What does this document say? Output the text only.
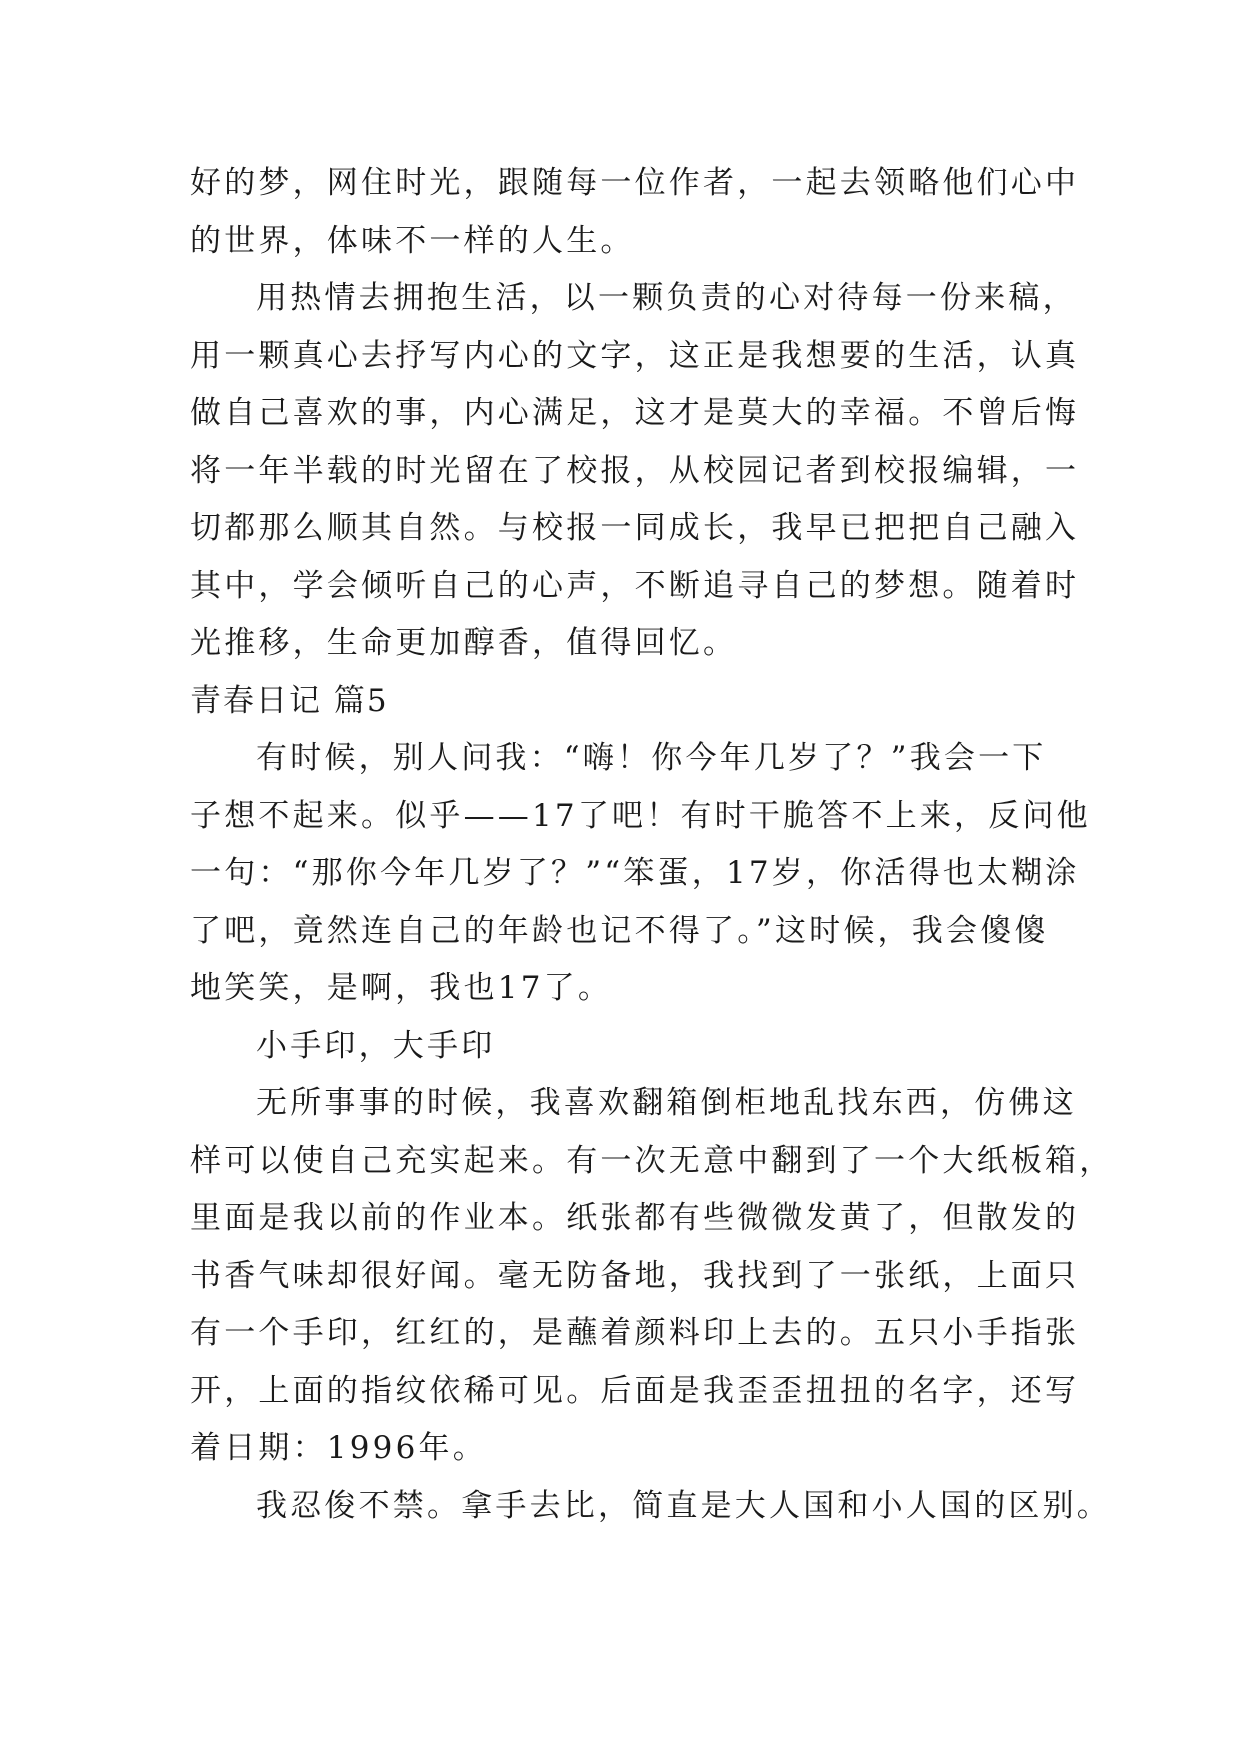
好的梦，网住时光，跟随每一位作者，一起去领略他们心中
的世界，体味不一样的人生。
用热情去拥抱生活，以一颗负责的心对待每一份来稿，
用一颗真心去抒写内心的文字，这正是我想要的生活，认真
做自己喜欢的事，内心满足，这才是莫大的幸福。不曾后悔
将一年半载的时光留在了校报，从校园记者到校报编辑，一
切都那么顺其自然。与校报一同成长，我早已把把自己融入
其中，学会倾听自己的心声，不断追寻自己的梦想。随着时
光推移，生命更加醇香，值得回忆。
青春日记 篇5
有时候，别人问我：“嗨！你今年几岁了？”我会一下
子想不起来。似乎——17了吧！有时干脆答不上来，反问他
一句：“那你今年几岁了？”“笨蛋，17岁，你活得也太糊涂
了吧，竟然连自己的年龄也记不得了。”这时候，我会傻傻
地笑笑，是啊，我也17了。
小手印，大手印
无所事事的时候，我喜欢翻箱倒柜地乱找东西，仿佛这
样可以使自己充实起来。有一次无意中翻到了一个大纸板箱，
里面是我以前的作业本。纸张都有些微微发黄了，但散发的
书香气味却很好闻。毫无防备地，我找到了一张纸，上面只
有一个手印，红红的，是蘸着颜料印上去的。五只小手指张
开，上面的指纹依稀可见。后面是我歪歪扭扭的名字，还写
着日期：1996年。
我忍俊不禁。拿手去比，简直是大人国和小人国的区别。
